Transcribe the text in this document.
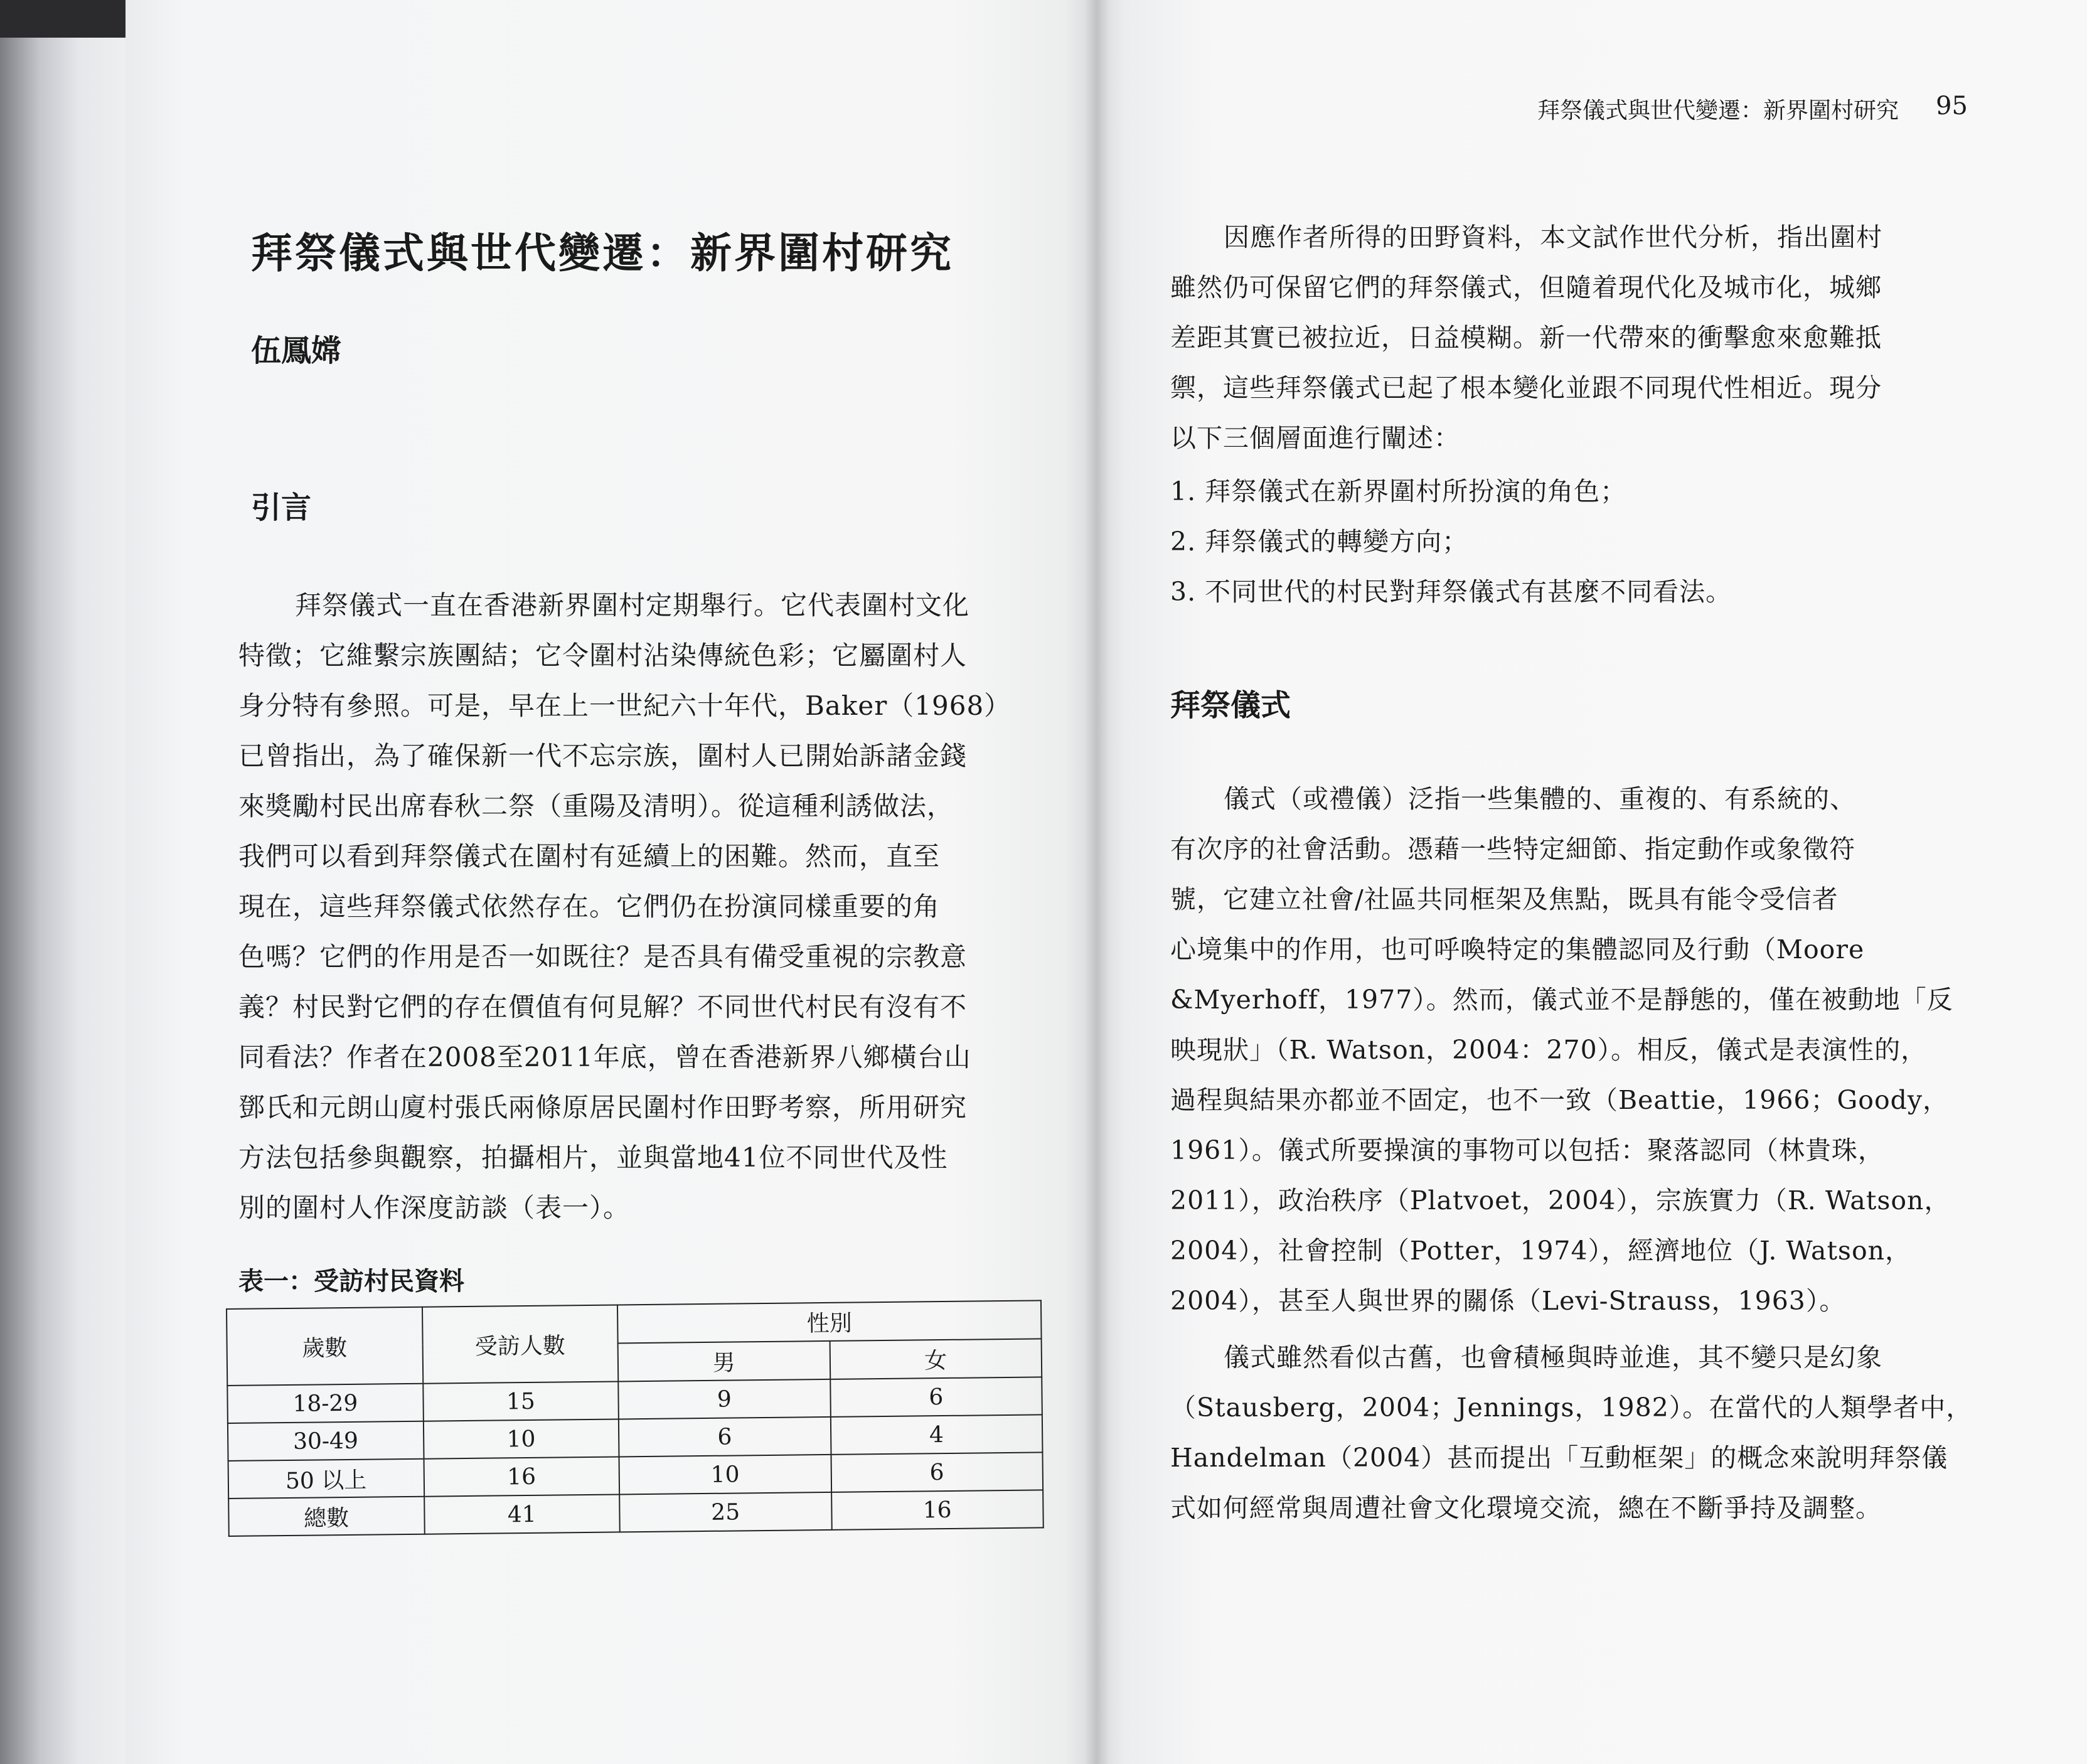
拜祭儀式與世代變遷：新界圍村研究
伍鳳嫦
引言

拜祭儀式一直在香港新界圍村定期舉行。它代表圍村文化

特徵；它維繫宗族團結；它令圍村沾染傳統色彩；它屬圍村人

身分特有參照。可是，早在上一世紀六十年代，Baker（1968）

已曾指出，為了確保新一代不忘宗族，圍村人已開始訴諸金錢

來獎勵村民出席春秋二祭（重陽及清明）。從這種利誘做法，

我們可以看到拜祭儀式在圍村有延續上的困難。然而，直至

現在，這些拜祭儀式依然存在。它們仍在扮演同樣重要的角

色嗎？它們的作用是否一如既往？是否具有備受重視的宗教意

義？村民對它們的存在價值有何見解？不同世代村民有沒有不

同看法？作者在2008至2011年底，曾在香港新界八鄉橫台山

鄧氏和元朗山廈村張氏兩條原居民圍村作田野考察，所用研究

方法包括參與觀察，拍攝相片，並與當地41位不同世代及性

別的圍村人作深度訪談（表一）。

表一：受訪村民資料
歲數	受訪人數	性別	
		男	女
18-29	15	9	6
30-49	10	6	4
50 以上	16	10	6
總數	41	25	16
拜祭儀式與世代變遷：新界圍村研究 95

因應作者所得的田野資料，本文試作世代分析，指出圍村

雖然仍可保留它們的拜祭儀式，但隨着現代化及城市化，城鄉

差距其實已被拉近，日益模糊。新一代帶來的衝擊愈來愈難抵

禦，這些拜祭儀式已起了根本變化並跟不同現代性相近。現分

以下三個層面進行闡述：

1. 拜祭儀式在新界圍村所扮演的角色；

2. 拜祭儀式的轉變方向；

3. 不同世代的村民對拜祭儀式有甚麼不同看法。

拜祭儀式

儀式（或禮儀）泛指一些集體的、重複的、有系統的、

有次序的社會活動。憑藉一些特定細節、指定動作或象徵符

號，它建立社會/社區共同框架及焦點，既具有能令受信者

心境集中的作用，也可呼喚特定的集體認同及行動（Moore

&Myerhoff，1977）。然而，儀式並不是靜態的，僅在被動地「反

映現狀」（R. Watson，2004：270）。相反，儀式是表演性的，

過程與結果亦都並不固定，也不一致（Beattie，1966；Goody，

1961）。儀式所要操演的事物可以包括：聚落認同（林貴珠，

2011），政治秩序（Platvoet，2004），宗族實力（R. Watson，

2004），社會控制（Potter，1974），經濟地位（J. Watson，

2004），甚至人與世界的關係（Levi-Strauss，1963）。

儀式雖然看似古舊，也會積極與時並進，其不變只是幻象

（Stausberg，2004；Jennings，1982）。在當代的人類學者中，

Handelman（2004）甚而提出「互動框架」的概念來說明拜祭儀

式如何經常與周遭社會文化環境交流，總在不斷爭持及調整。
